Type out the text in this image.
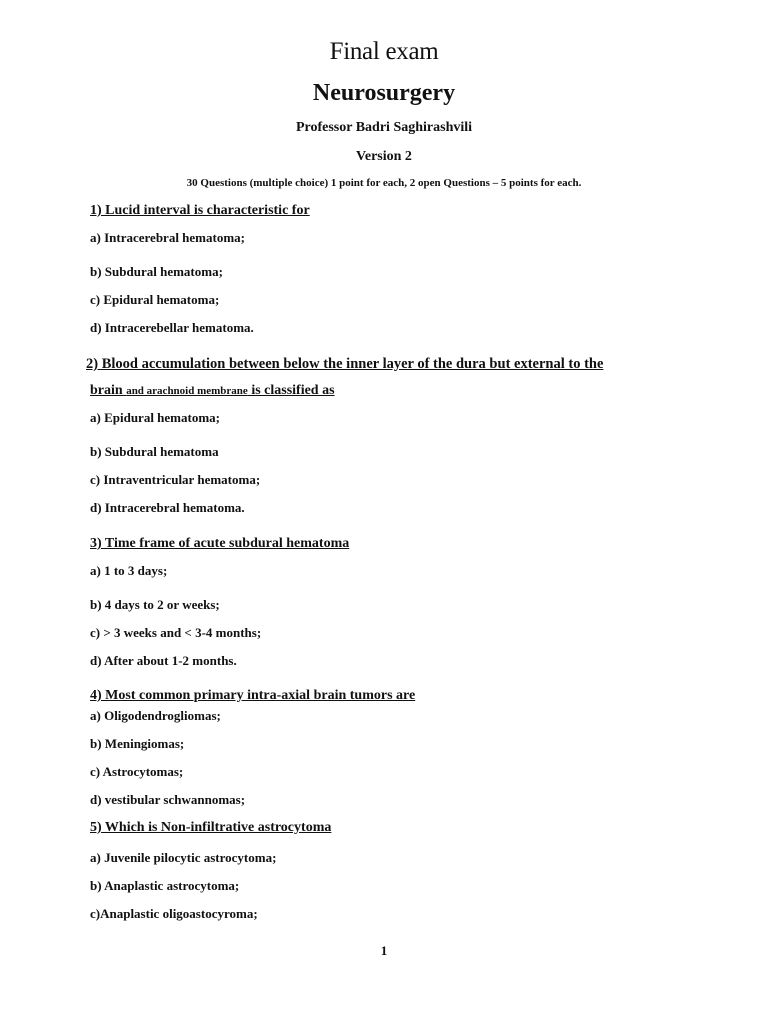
Final exam
Neurosurgery
Professor Badri Saghirashvili
Version 2
30 Questions (multiple choice) 1 point for each, 2 open Questions – 5 points for each.
1) Lucid interval is characteristic for
a) Intracerebral hematoma;
b) Subdural hematoma;
c) Epidural hematoma;
d) Intracerebellar hematoma.
2) Blood accumulation between below the inner layer of the dura but external to the
brain and arachnoid membrane is classified as
a) Epidural hematoma;
b) Subdural hematoma
c) Intraventricular hematoma;
d) Intracerebral hematoma.
3) Time frame of acute subdural hematoma
a) 1 to 3 days;
b) 4 days to 2 or weeks;
c) > 3 weeks and < 3-4 months;
d) After about 1-2 months.
4) Most common primary intra-axial brain tumors are
a) Oligodendrogliomas;
b) Meningiomas;
c) Astrocytomas;
d) vestibular schwannomas;
5) Which is Non-infiltrative astrocytoma
a) Juvenile pilocytic astrocytoma;
b) Anaplastic astrocytoma;
c)Anaplastic oligoastocyroma;
1
